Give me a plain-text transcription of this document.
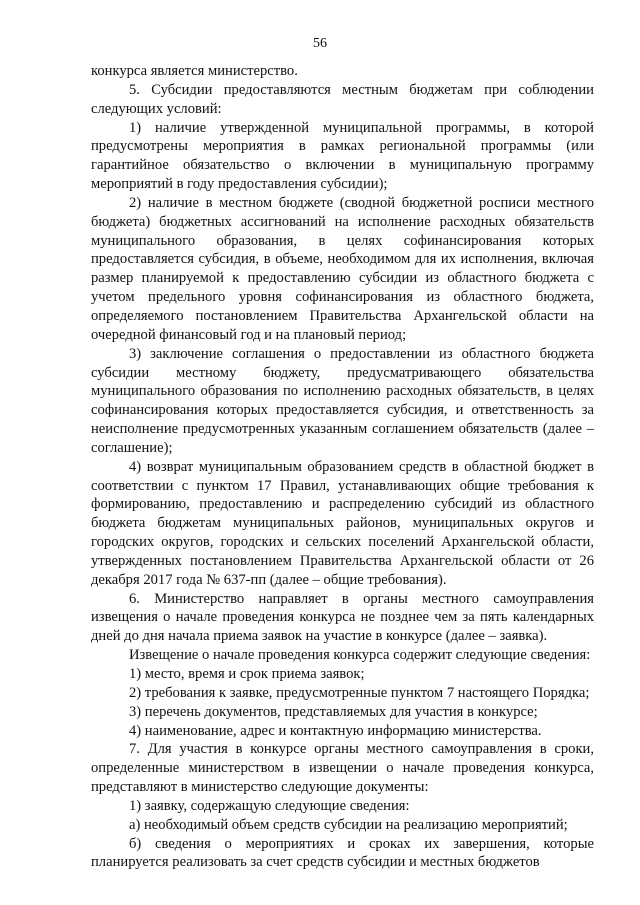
56

конкурса является министерство.

5. Субсидии предоставляются местным бюджетам при соблюдении следующих условий:

1) наличие утвержденной муниципальной программы, в которой предусмотрены мероприятия в рамках региональной программы (или гарантийное обязательство о включении в муниципальную программу мероприятий в году предоставления субсидии);

2) наличие в местном бюджете (сводной бюджетной росписи местного бюджета) бюджетных ассигнований на исполнение расходных обязательств муниципального образования, в целях софинансирования которых предоставляется субсидия, в объеме, необходимом для их исполнения, включая размер планируемой к предоставлению субсидии из областного бюджета с учетом предельного уровня софинансирования из областного бюджета, определяемого постановлением Правительства Архангельской области на очередной финансовый год и на плановый период;

3) заключение соглашения о предоставлении из областного бюджета субсидии местному бюджету, предусматривающего обязательства муниципального образования по исполнению расходных обязательств, в целях софинансирования которых предоставляется субсидия, и ответственность за неисполнение предусмотренных указанным соглашением обязательств (далее – соглашение);

4) возврат муниципальным образованием средств в областной бюджет в соответствии с пунктом 17 Правил, устанавливающих общие требования к формированию, предоставлению и распределению субсидий из областного бюджета бюджетам муниципальных районов, муниципальных округов и городских округов, городских и сельских поселений Архангельской области, утвержденных постановлением Правительства Архангельской области от 26 декабря 2017 года № 637-пп (далее – общие требования).

6. Министерство направляет в органы местного самоуправления извещения о начале проведения конкурса не позднее чем за пять календарных дней до дня начала приема заявок на участие в конкурсе (далее – заявка).

Извещение о начале проведения конкурса содержит следующие сведения:

1) место, время и срок приема заявок;

2) требования к заявке, предусмотренные пунктом 7 настоящего Порядка;

3) перечень документов, представляемых для участия в конкурсе;

4) наименование, адрес и контактную информацию министерства.

7. Для участия в конкурсе органы местного самоуправления в сроки, определенные министерством в извещении о начале проведения конкурса, представляют в министерство следующие документы:

1) заявку, содержащую следующие сведения:

а) необходимый объем средств субсидии на реализацию мероприятий;

б) сведения о мероприятиях и сроках их завершения, которые планируется реализовать за счет средств субсидии и местных бюджетов
